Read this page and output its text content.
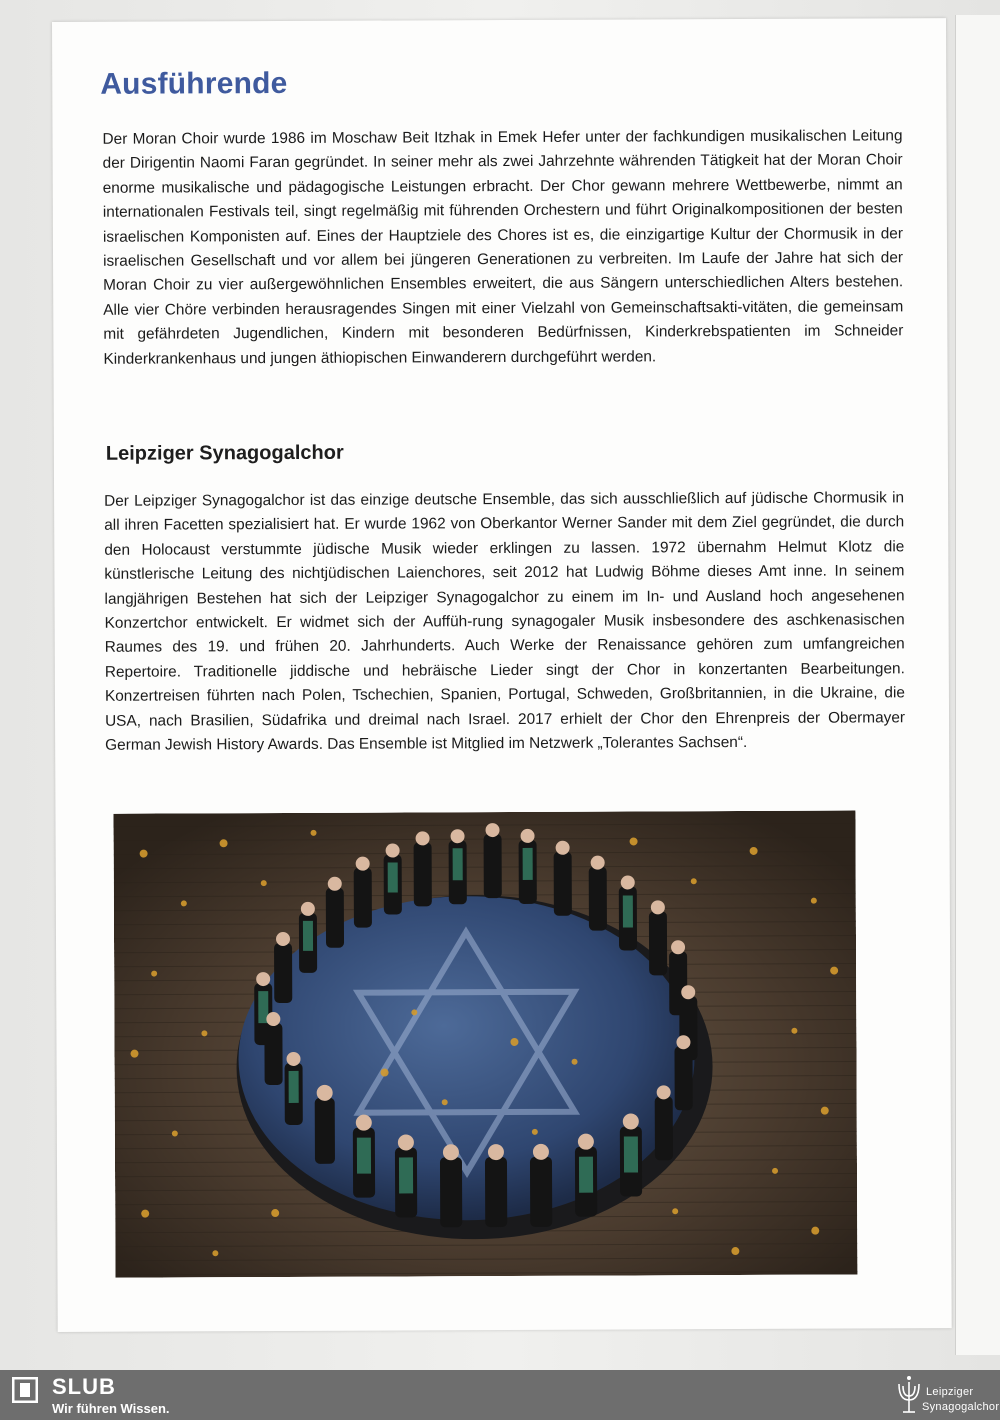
Ausführende

Der Moran Choir wurde 1986 im Moschaw Beit Itzhak in Emek Hefer unter der fachkundigen musikalischen Leitung der Dirigentin Naomi Faran gegründet. In seiner mehr als zwei Jahrzehnte währenden Tätigkeit hat der Moran Choir enorme musikalische und pädagogische Leistungen erbracht. Der Chor gewann mehrere Wettbewerbe, nimmt an internationalen Festivals teil, singt regelmäßig mit führenden Orchestern und führt Originalkompositionen der besten israelischen Komponisten auf. Eines der Hauptziele des Chores ist es, die einzigartige Kultur der Chormusik in der israelischen Gesellschaft und vor allem bei jüngeren Generationen zu verbreiten. Im Laufe der Jahre hat sich der Moran Choir zu vier außergewöhnlichen Ensembles erweitert, die aus Sängern unterschiedlichen Alters bestehen. Alle vier Chöre verbinden herausragendes Singen mit einer Vielzahl von Gemeinschaftsakti-vitäten, die gemeinsam mit gefährdeten Jugendlichen, Kindern mit besonderen Bedürfnissen, Kinderkrebspatienten im Schneider Kinderkrankenhaus und jungen äthiopischen Einwanderern durchgeführt werden.

Leipziger Synagogalchor

Der Leipziger Synagogalchor ist das einzige deutsche Ensemble, das sich ausschließlich auf jüdische Chormusik in all ihren Facetten spezialisiert hat. Er wurde 1962 von Oberkantor Werner Sander mit dem Ziel gegründet, die durch den Holocaust verstummte jüdische Musik wieder erklingen zu lassen. 1972 übernahm Helmut Klotz die künstlerische Leitung des nichtjüdischen Laienchores, seit 2012 hat Ludwig Böhme dieses Amt inne. In seinem langjährigen Bestehen hat sich der Leipziger Synagogalchor zu einem im In- und Ausland hoch angesehenen Konzertchor entwickelt. Er widmet sich der Auffüh-rung synagogaler Musik insbesondere des aschkenasischen Raumes des 19. und frühen 20. Jahrhunderts. Auch Werke der Renaissance gehören zum umfangreichen Repertoire. Traditionelle jiddische und hebräische Lieder singt der Chor in konzertanten Bearbeitungen. Konzertreisen führten nach Polen, Tschechien, Spanien, Portugal, Schweden, Großbritannien, in die Ukraine, die USA, nach Brasilien, Südafrika und dreimal nach Israel. 2017 erhielt der Chor den Ehrenpreis der Obermayer German Jewish History Awards. Das Ensemble ist Mitglied im Netzwerk „Tolerantes Sachsen“.

SLUB
Wir führen Wissen.
Leipziger
Synagogalchor
